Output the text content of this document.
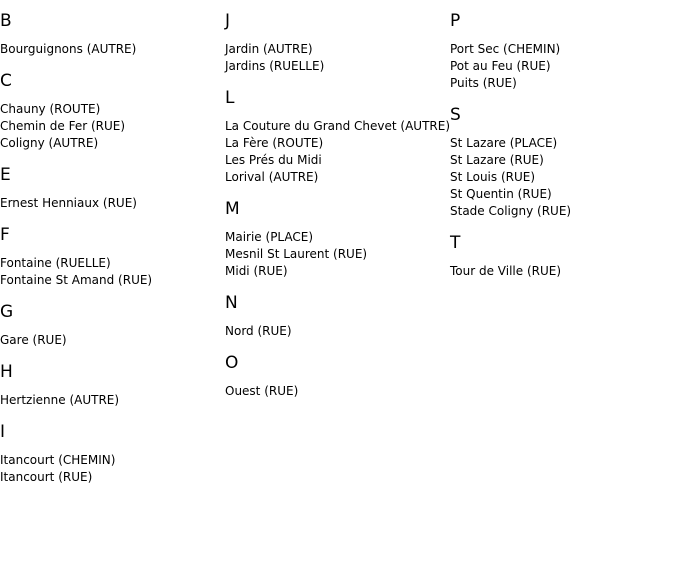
B
Bourguignons (AUTRE)
C
Chauny (ROUTE)
Chemin de Fer (RUE)
Coligny (AUTRE)
E
Ernest Henniaux (RUE)
F
Fontaine (RUELLE)
Fontaine St Amand (RUE)
G
Gare (RUE)
H
Hertzienne (AUTRE)
I
Itancourt (CHEMIN)
Itancourt (RUE)
J
Jardin (AUTRE)
Jardins (RUELLE)
L
La Couture du Grand Chevet (AUTRE)
La Fère (ROUTE)
Les Prés du Midi
Lorival (AUTRE)
M
Mairie (PLACE)
Mesnil St Laurent (RUE)
Midi (RUE)
N
Nord (RUE)
O
Ouest (RUE)
P
Port Sec (CHEMIN)
Pot au Feu (RUE)
Puits (RUE)
S
St Lazare (PLACE)
St Lazare (RUE)
St Louis (RUE)
St Quentin (RUE)
Stade Coligny (RUE)
T
Tour de Ville (RUE)
